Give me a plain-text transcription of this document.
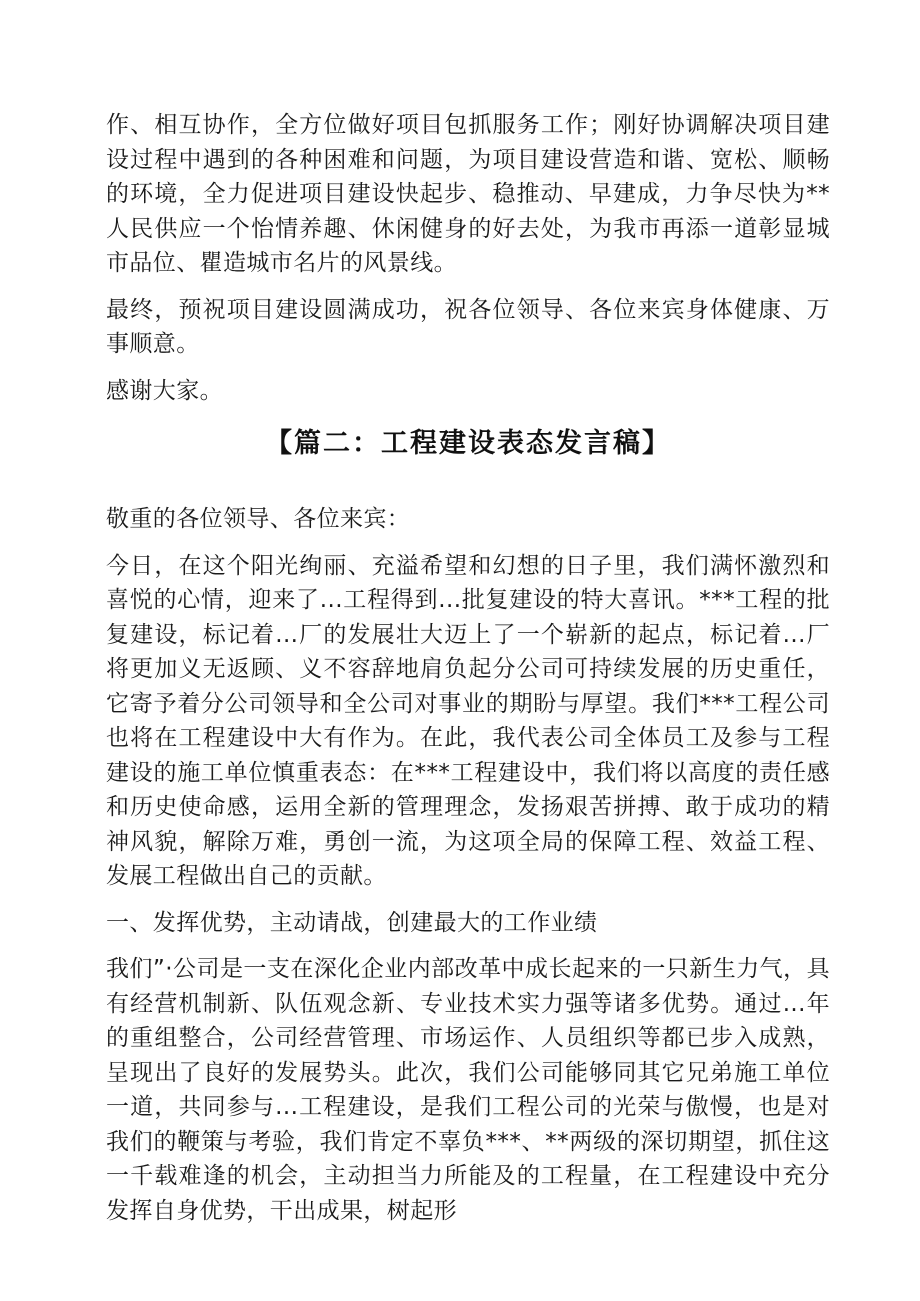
作、相互协作，全方位做好项目包抓服务工作；刚好协调解决项目建设过程中遇到的各种困难和问题，为项目建设营造和谐、宽松、顺畅的环境，全力促进项目建设快起步、稳推动、早建成，力争尽快为**人民供应一个怡情养趣、休闲健身的好去处，为我市再添一道彰显城市品位、瞿造城市名片的风景线。

最终，预祝项目建设圆满成功，祝各位领导、各位来宾身体健康、万事顺意。

感谢大家。

【篇二：工程建设表态发言稿】

敬重的各位领导、各位来宾：

今日，在这个阳光绚丽、充溢希望和幻想的日子里，我们满怀激烈和喜悦的心情，迎来了...工程得到...批复建设的特大喜讯。***工程的批复建设，标记着...厂的发展壮大迈上了一个崭新的起点，标记着...厂将更加义无返顾、义不容辞地肩负起分公司可持续发展的历史重任，它寄予着分公司领导和全公司对事业的期盼与厚望。我们***工程公司也将在工程建设中大有作为。在此，我代表公司全体员工及参与工程建设的施工单位慎重表态：在***工程建设中，我们将以高度的责任感和历史使命感，运用全新的管理理念，发扬艰苦拼搏、敢于成功的精神风貌，解除万难，勇创一流，为这项全局的保障工程、效益工程、发展工程做出自己的贡献。

一、发挥优势，主动请战，创建最大的工作业绩

我们”·公司是一支在深化企业内部改革中成长起来的一只新生力气，具有经营机制新、队伍观念新、专业技术实力强等诸多优势。通过...年的重组整合，公司经营管理、市场运作、人员组织等都已步入成熟，呈现出了良好的发展势头。此次，我们公司能够同其它兄弟施工单位一道，共同参与...工程建设，是我们工程公司的光荣与傲慢，也是对我们的鞭策与考验，我们肯定不辜负***、**两级的深切期望，抓住这一千载难逢的机会，主动担当力所能及的工程量，在工程建设中充分发挥自身优势，干出成果，树起形
